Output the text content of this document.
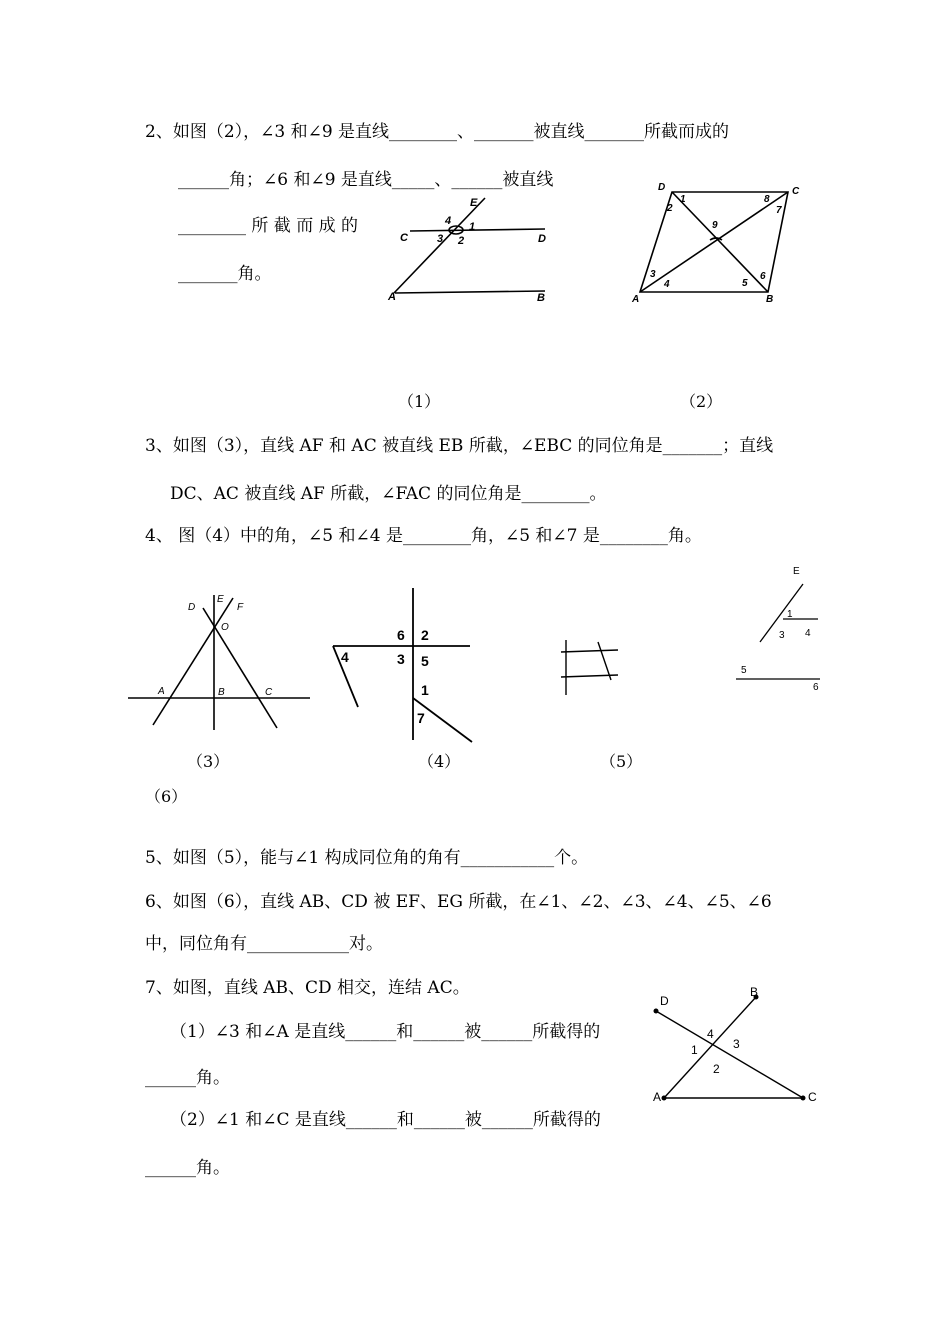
2、如图（2），∠3 和∠9 是直线________、_______被直线_______所截而成的
______角；∠6 和∠9 是直线_____、______被直线
________ 所 截 而 成 的
_______角。
E
4 1
C	3 2	D
A	B
D	C
1	8
2	7
9
3	6
4	5
A	B
（1）	（2）
3、如图（3），直线 AF 和 AC 被直线 EB 所截，∠EBC 的同位角是_______；直线
DC、AC 被直线 AF 所截，∠FAC 的同位角是________。
4、 图（4）中的角，∠5 和∠4 是________角，∠5 和∠7 是________角。
D
E
F
O
A	B	C
6 2
4	3 5
1
7
E
1
3 4
5
6
（3）	（4）	（5）
（6）
5、如图（5），能与∠1 构成同位角的角有___________个。
6、如图（6），直线 AB、CD 被 EF、EG 所截，在∠1、∠2、∠3、∠4、∠5、∠6
中，同位角有____________对。
7、如图，直线 AB、CD 相交，连结 AC。
（1）∠3 和∠A 是直线______和______被______所截得的
______角。
（2）∠1 和∠C 是直线______和______被______所截得的
______角。
D
B
4
3
1
2
A	C
